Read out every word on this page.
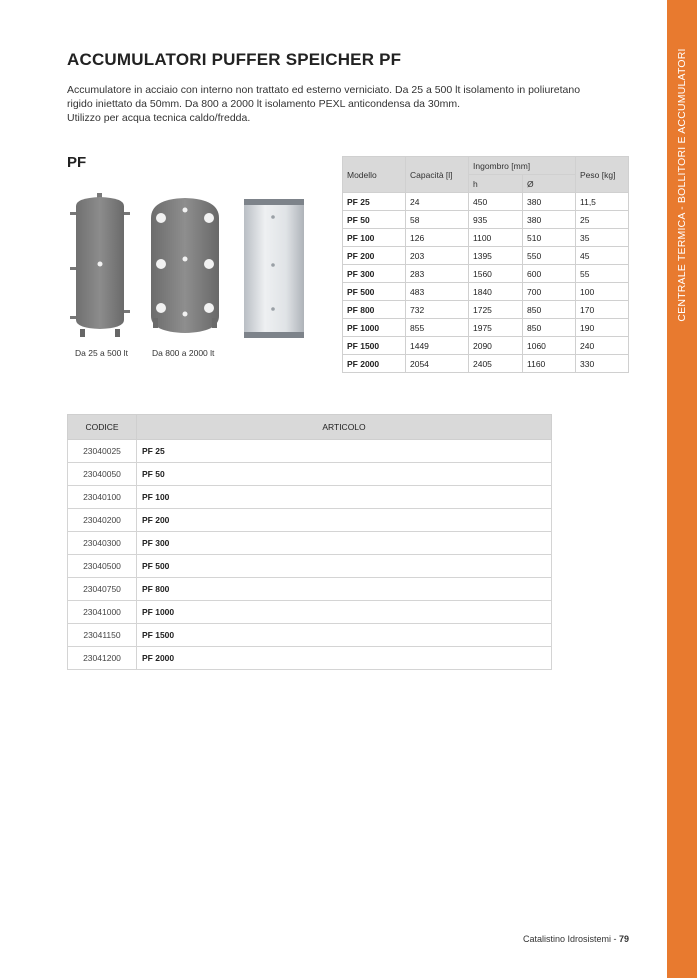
CENTRALE TERMICA - BOLLITORI E ACCUMULATORI
ACCUMULATORI PUFFER SPEICHER PF

Accumulatore in acciaio con interno non trattato ed esterno verniciato. Da 25 a 500 lt isolamento in poliuretano
rigido iniettato da 50mm. Da 800 a 2000 lt isolamento PEXL anticondensa da 30mm.
Utilizzo per acqua tecnica caldo/fredda.

PF
Da 25 a 500 lt	Da 800 a 2000 lt
Modello	Capacità [l]	Ingombro [mm]		Peso [kg]
		h	Ø	
PF 25	24	450	380	11,5
PF 50	58	935	380	25
PF 100	126	1100	510	35
PF 200	203	1395	550	45
PF 300	283	1560	600	55
PF 500	483	1840	700	100
PF 800	732	1725	850	170
PF 1000	855	1975	850	190
PF 1500	1449	2090	1060	240
PF 2000	2054	2405	1160	330
CODICE	ARTICOLO
23040025	PF 25
23040050	PF 50
23040100	PF 100
23040200	PF 200
23040300	PF 300
23040500	PF 500
23040750	PF 800
23041000	PF 1000
23041150	PF 1500
23041200	PF 2000
Catalistino Idrosistemi - 79
